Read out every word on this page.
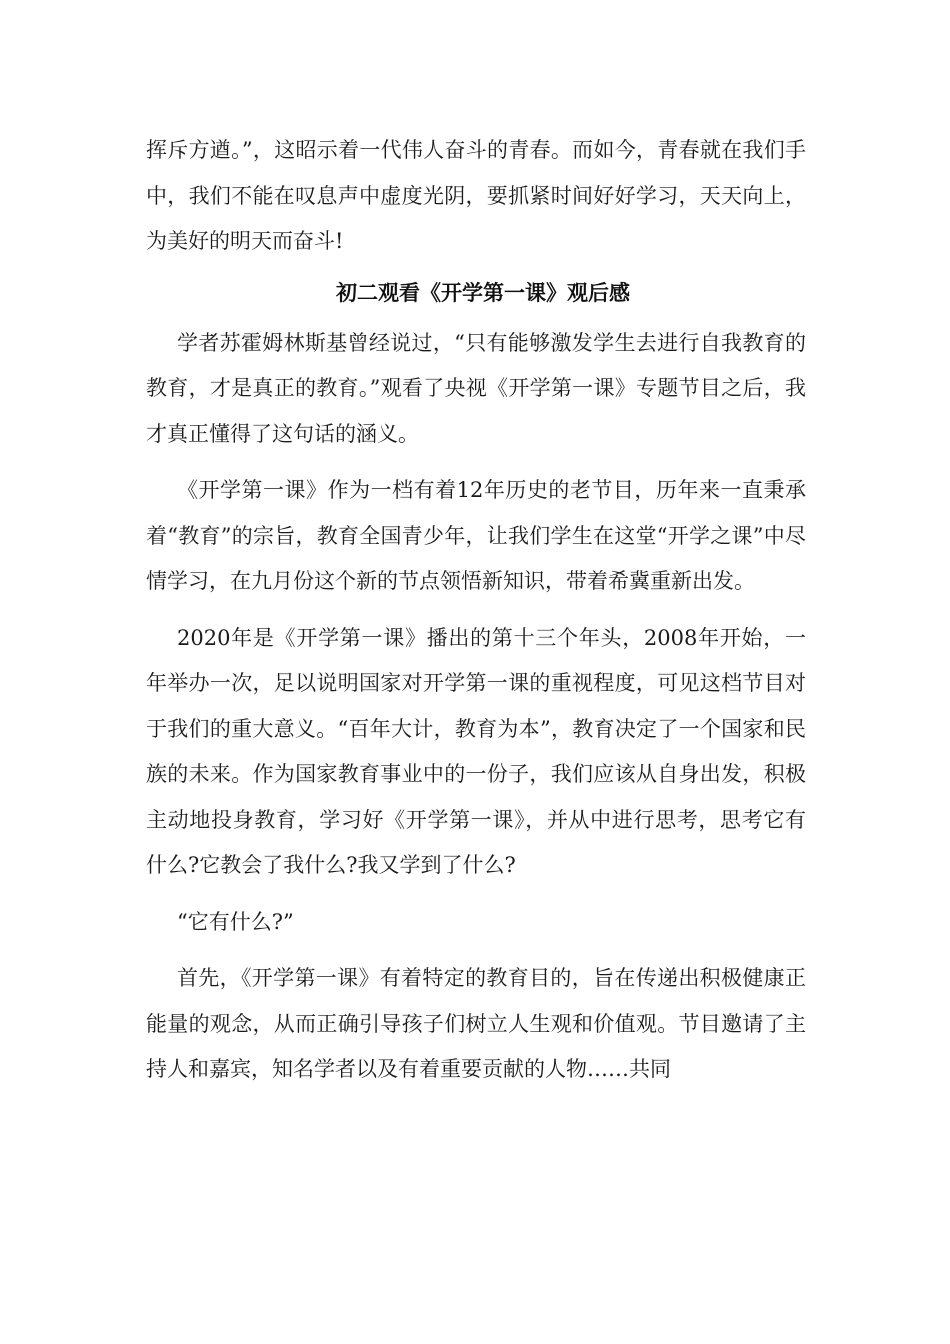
挥斥方遒。”，这昭示着一代伟人奋斗的青春。而如今，青春就在我们手中，我们不能在叹息声中虚度光阴，要抓紧时间好好学习，天天向上，为美好的明天而奋斗!

初二观看《开学第一课》观后感

学者苏霍姆林斯基曾经说过，“只有能够激发学生去进行自我教育的教育，才是真正的教育。”观看了央视《开学第一课》专题节目之后，我才真正懂得了这句话的涵义。

《开学第一课》作为一档有着12年历史的老节目，历年来一直秉承着“教育”的宗旨，教育全国青少年，让我们学生在这堂“开学之课”中尽情学习，在九月份这个新的节点领悟新知识，带着希冀重新出发。

2020年是《开学第一课》播出的第十三个年头，2008年开始，一年举办一次，足以说明国家对开学第一课的重视程度，可见这档节目对于我们的重大意义。“百年大计，教育为本”，教育决定了一个国家和民族的未来。作为国家教育事业中的一份子，我们应该从自身出发，积极主动地投身教育，学习好《开学第一课》，并从中进行思考，思考它有什么?它教会了我什么?我又学到了什么?

“它有什么?”

首先，《开学第一课》有着特定的教育目的，旨在传递出积极健康正能量的观念，从而正确引导孩子们树立人生观和价值观。节目邀请了主持人和嘉宾，知名学者以及有着重要贡献的人物……共同
